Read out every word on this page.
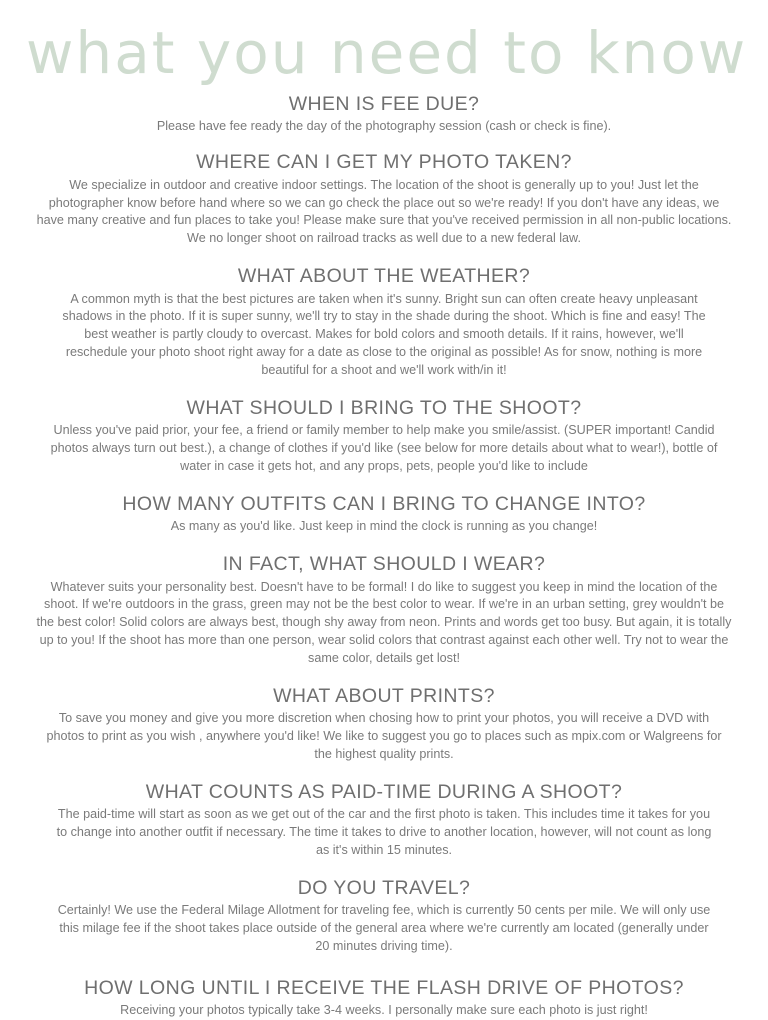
what you need to know
WHEN IS FEE DUE?

Please have fee ready the day of the photography session (cash or check is fine).

WHERE CAN I GET MY PHOTO TAKEN?

We specialize in outdoor and creative indoor settings. The location of the shoot is generally up to you! Just let the photographer know before hand where so we can go check the place out so we're ready! If you don't have any ideas, we have many creative and fun places to take you! Please make sure that you've received permission in all non-public locations. We no longer shoot on railroad tracks as well due to a new federal law.

WHAT ABOUT THE WEATHER?

A common myth is that the best pictures are taken when it's sunny. Bright sun can often create heavy unpleasant shadows in the photo. If it is super sunny, we'll try to stay in the shade during the shoot. Which is fine and easy! The best weather is partly cloudy to overcast. Makes for bold colors and smooth details. If it rains, however, we'll reschedule your photo shoot right away for a date as close to the original as possible! As for snow, nothing is more beautiful for a shoot and we'll work with/in it!

WHAT SHOULD I BRING TO THE SHOOT?

Unless you've paid prior, your fee, a friend or family member to help make you smile/assist. (SUPER important! Candid photos always turn out best.), a change of clothes if you'd like (see below for more details about what to wear!), bottle of water in case it gets hot, and any props, pets, people you'd like to include

HOW MANY OUTFITS CAN I BRING TO CHANGE INTO?

As many as you'd like. Just keep in mind the clock is running as you change!

IN FACT, WHAT SHOULD I WEAR?

Whatever suits your personality best. Doesn't have to be formal! I do like to suggest you keep in mind the location of the shoot. If we're outdoors in the grass, green may not be the best color to wear. If we're in an urban setting, grey wouldn't be the best color! Solid colors are always best, though shy away from neon. Prints and words get too busy. But again, it is totally up to you! If the shoot has more than one person, wear solid colors that contrast against each other well. Try not to wear the same color, details get lost!

WHAT ABOUT PRINTS?

To save you money and give you more discretion when chosing how to print your photos, you will receive a DVD with photos to print as you wish , anywhere you'd like! We like to suggest you go to places such as mpix.com or Walgreens for the highest quality prints.

WHAT COUNTS AS PAID-TIME DURING A SHOOT?

The paid-time will start as soon as we get out of the car and the first photo is taken. This includes time it takes for you to change into another outfit if necessary. The time it takes to drive to another location, however, will not count as long as it's within 15 minutes.

DO YOU TRAVEL?

Certainly! We use the Federal Milage Allotment for traveling fee, which is currently 50 cents per mile. We will only use this milage fee if the shoot takes place outside of the general area where we're currently am located (generally under 20 minutes driving time).

HOW LONG UNTIL I RECEIVE THE FLASH DRIVE OF PHOTOS?

Receiving your photos typically take 3-4 weeks. I personally make sure each photo is just right!
